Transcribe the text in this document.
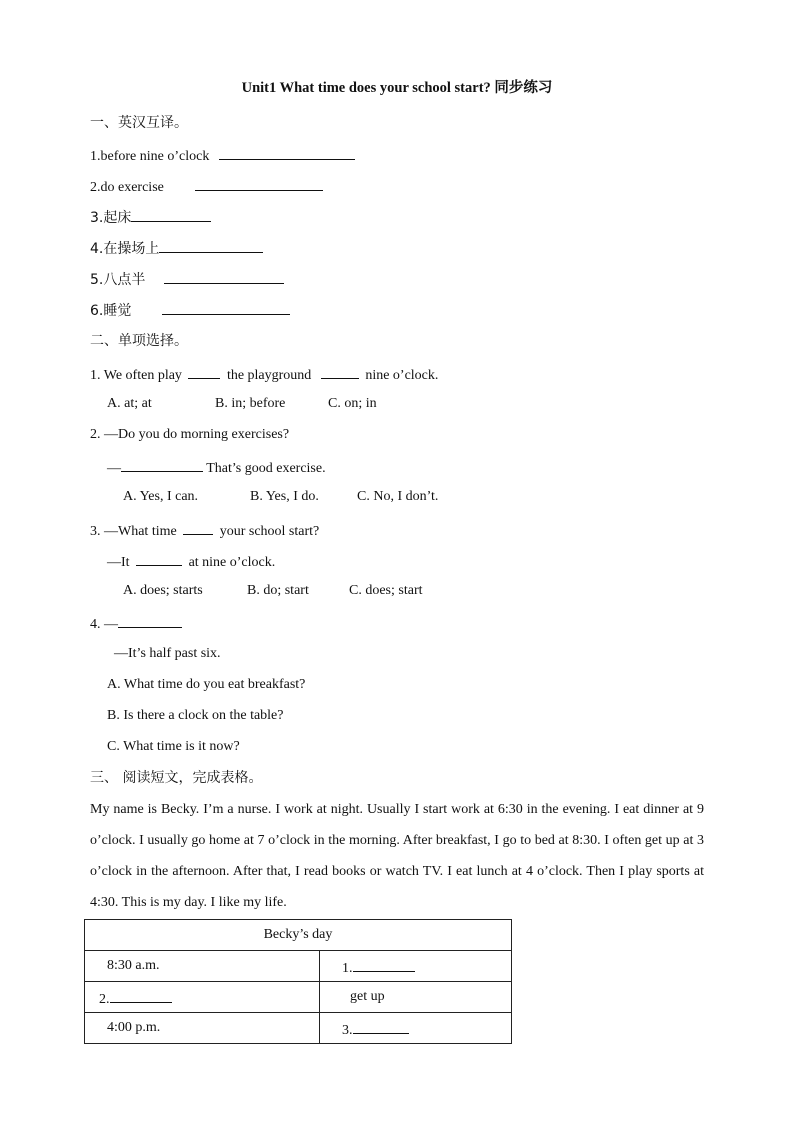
Unit1 What time does your school start? 同步练习
一、英汉互译。
1.before nine o’clock
2.do exercise
3.起床
4.在操场上
5.八点半
6.睡觉
二、单项选择。
1. We often play	the playground	nine o’clock.
A. at; at	B. in; before	C. on; in
2. —Do you do morning exercises?
—	That’s good exercise.
A. Yes, I can.	B. Yes, I do.	C. No, I don’t.
3. —What time	your school start?
—It	at nine o’clock.
A. does; starts	B. do; start	C. does; start
4. —
—It’s half past six.
A. What time do you eat breakfast?
B. Is there a clock on the table?
C. What time is it now?
三、 阅读短文，完成表格。
My name is Becky. I’m a nurse. I work at night. Usually I start work at 6:30 in the evening. I eat dinner at 9 o’clock. I usually go home at 7 o’clock in the morning. After breakfast, I go to bed at 8:30. I often get up at 3 o’clock in the afternoon. After that, I read books or watch TV. I eat lunch at 4 o’clock. Then I play sports at 4:30. This is my day. I like my life.
Becky’s day	
8:30 a.m.	1.
2.	get up
4:00 p.m.	3.
